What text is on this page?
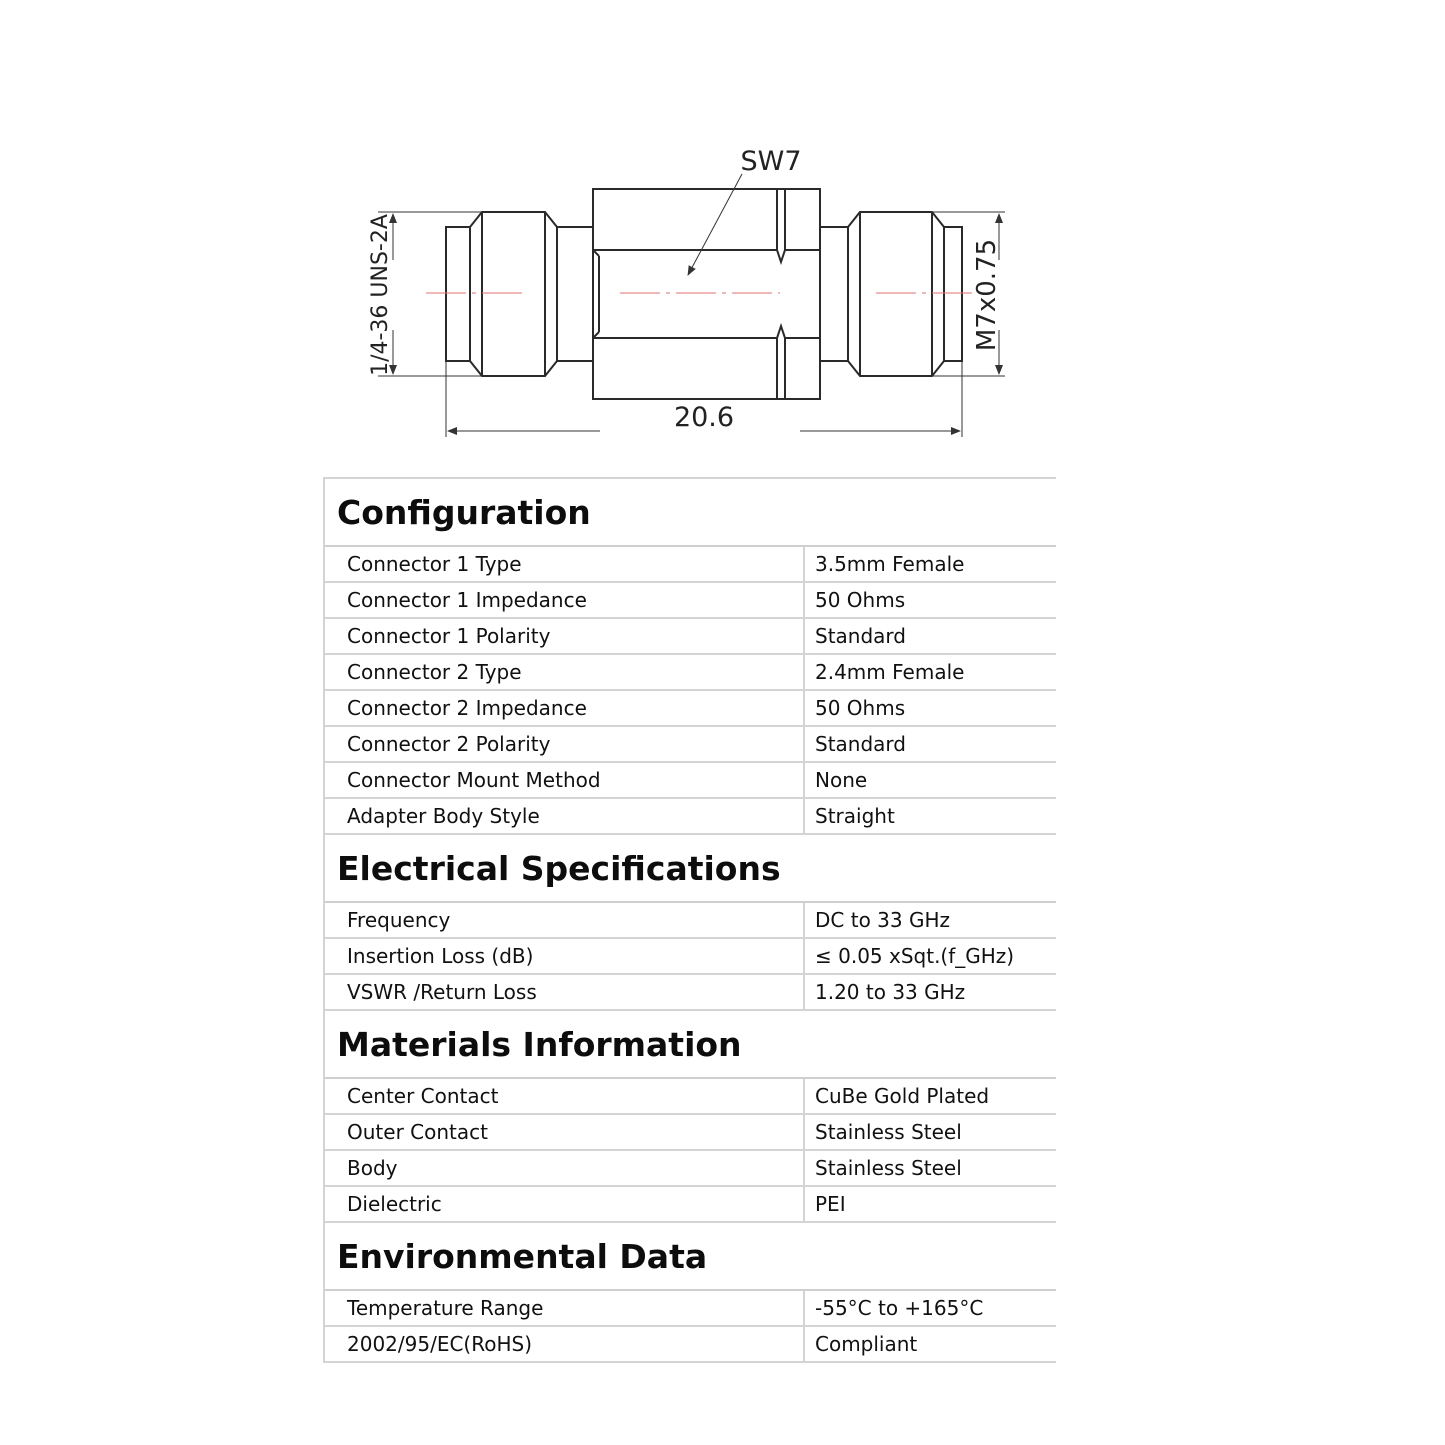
SW7
1/4-36 UNS-2A	M7x0.75
20.6
Configuration
Connector 1 Type	3.5mm Female
Connector 1 Impedance	50 Ohms
Connector 1 Polarity	Standard
Connector 2 Type	2.4mm Female
Connector 2 Impedance	50 Ohms
Connector 2 Polarity	Standard
Connector Mount Method	None
Adapter Body Style	Straight
Electrical Specifications
Frequency	DC to 33 GHz
Insertion Loss (dB)	≤ 0.05 xSqt.(f_GHz)
VSWR /Return Loss	1.20 to 33 GHz
Materials Information
Center Contact	CuBe Gold Plated
Outer Contact	Stainless Steel
Body	Stainless Steel
Dielectric	PEI
Environmental Data
Temperature Range	-55°C to +165°C
2002/95/EC(RoHS)	Compliant
